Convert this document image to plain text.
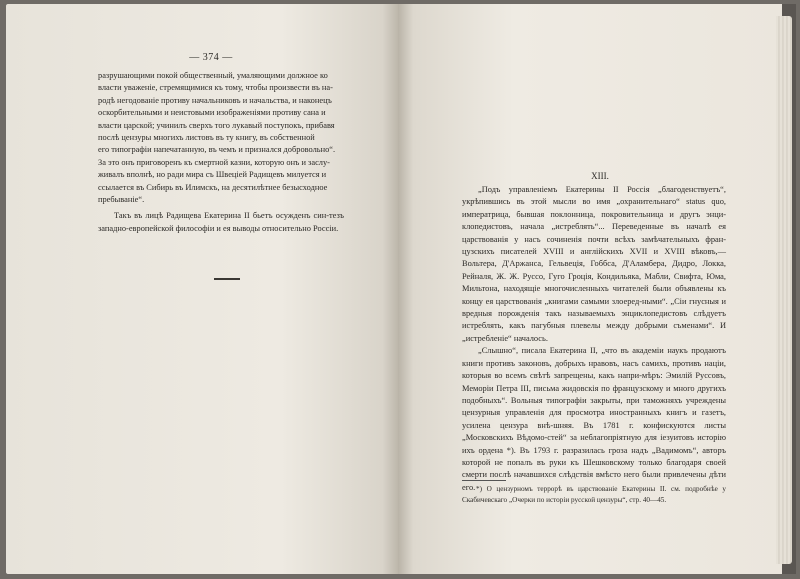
— 374 —

разрушающими покой общественный, умаляющими должное ко

власти уваженіе, стремящимися къ тому, чтобы произвести въ на-

родѣ негодованіе противу начальниковъ и начальства, и наконецъ

оскорбительными и неистовыми изображеніями противу сана и

власти царской; учинилъ сверхъ того лукавый поступокъ, прибавя

послѣ цензуры многихъ листовъ въ ту книгу, въ собственной

его типографіи напечатанную, въ чемъ и признался добровольно“.

За это онъ приговоренъ къ смертной казни, которую онъ и заслу-

живалъ вполнѣ, но ради мира съ Швеціей Радищевъ милуется и

ссылается въ Сибирь въ Илимскъ, на десятилѣтнее безысходное

пребываніе“.

Такъ въ лицѣ Радищева Екатерина II бьетъ осужденъ син-тезъ западно-европейской философіи и ея выводы относительно Россіи.

XIII.

„Подъ управленіемъ Екатерины II Россія „благоденствуетъ“, укрѣпившись въ этой мысли во имя „охранительнаго“ status quo, императрица, бывшая поклонница, покровительница и другъ энци-клопедистовъ, начала „истреблять“... Переведенные въ началѣ ея царствованія у насъ сочиненія почти всѣхъ замѣчательныхъ фран-цузскихъ писателей XVIII и англійскихъ XVII и XVIII вѣковъ,— Вольтера, Д'Аржанса, Гельвеція, Гоббса, Д'Аламбера, Дидро, Локка, Рейналя, Ж. Ж. Руссо, Гуго Гроція, Кондильяка, Мабли, Свифта, Юма, Мильтона, находящіе многочисленныхъ читателей были объявлены къ концу ея царствованія „книгами самыми злоеред-ными“. „Сіи гнусныя и вредныя порожденія такъ называемыхъ энциклопедистовъ слѣдуетъ истреблять, какъ пагубныя плевелы между добрыми съменами“. И „истребленіе“ началось.

„Слышно“, писала Екатерина II, „что въ академіи наукъ продаютъ книги противъ законовъ, добрыхъ нравовъ, насъ самихъ, противъ націи, которыя во всемъ свѣтѣ запрещены, какъ напри-мѣръ: Эмилій Руссовъ, Меморіи Петра III, письма жидовскія по французскому и много другихъ подобныхъ“. Вольныя типографіи закрыты, при таможняхъ учреждены цензурныя управленія для просмотра иностранныхъ книгъ и газетъ, усилена цензура внѣ-шняя. Въ 1781 г. конфискуются листы „Московскихъ Вѣдомо-стей“ за неблагопріятную для іезуитовъ исторію ихъ ордена *). Въ 1793 г. разразилась гроза надъ „Вадимомъ“, авторъ которой не попалъ въ руки къ Шешковскому только благодаря своей смерти послѣ начавшихся слѣдствія вмѣсто него были привлечены дѣти его. *) О цензурномъ террорѣ въ царствованіе Екатерины II. см. подробнѣе у Скабичевскаго „Очерки по исторіи русской цензуры“, стр. 40—45.
